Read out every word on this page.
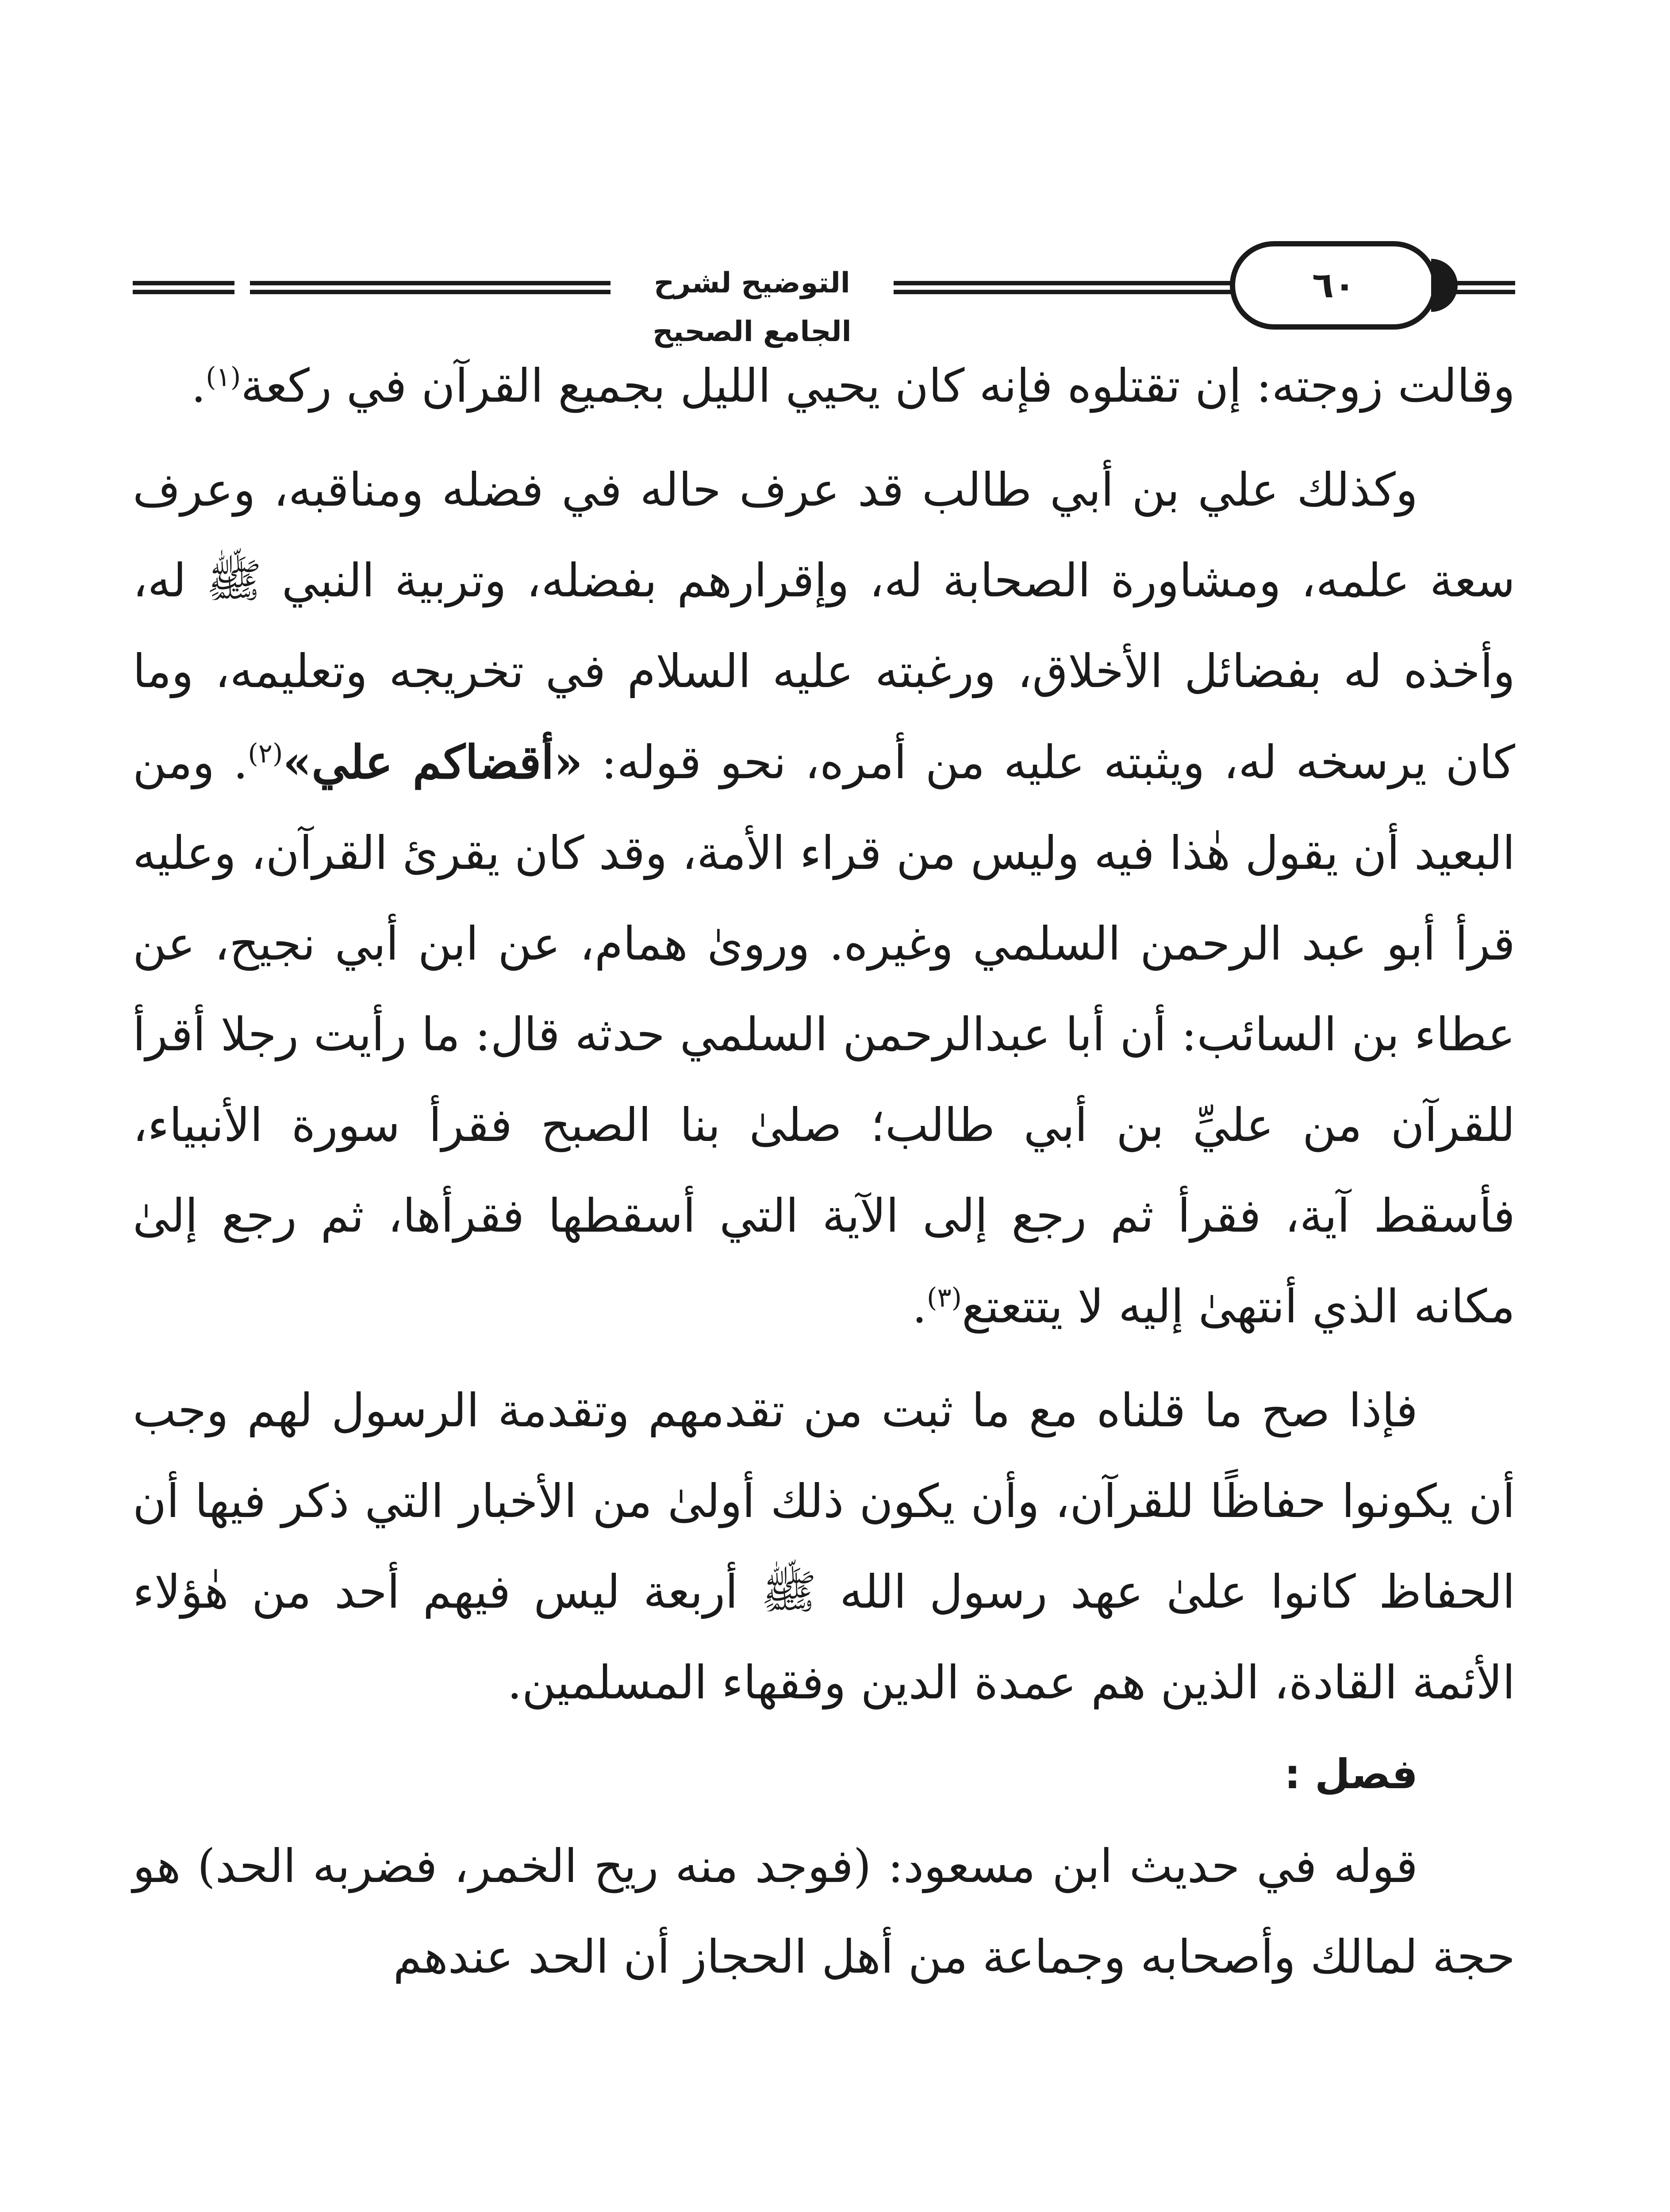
التوضيح لشرح الجامع الصحيح
٦٠

وقالت زوجته: إن تقتلوه فإنه كان يحيي الليل بجميع القرآن في ركعة$^{(١)}$.

وكذلك علي بن أبي طالب قد عرف حاله في فضله ومناقبه، وعرف سعة علمه، ومشاورة الصحابة له، وإقرارهم بفضله، وتربية النبي ﷺ له، وأخذه له بفضائل الأخلاق، ورغبته عليه السلام في تخريجه وتعليمه، وما كان يرسخه له، ويثبته عليه من أمره، نحو قوله: «أقضاكم علي»$^{(٢)}$. ومن البعيد أن يقول هٰذا فيه وليس من قراء الأمة، وقد كان يقرئ القرآن، وعليه قرأ أبو عبد الرحمن السلمي وغيره. وروىٰ همام، عن ابن أبي نجيح، عن عطاء بن السائب: أن أبا عبدالرحمن السلمي حدثه قال: ما رأيت رجلا أقرأ للقرآن من عليِّ بن أبي طالب؛ صلىٰ بنا الصبح فقرأ سورة الأنبياء، فأسقط آية، فقرأ ثم رجع إلى الآية التي أسقطها فقرأها، ثم رجع إلىٰ مكانه الذي أنتهىٰ إليه لا يتتعتع$^{(٣)}$.

فإذا صح ما قلناه مع ما ثبت من تقدمهم وتقدمة الرسول لهم وجب أن يكونوا حفاظًا للقرآن، وأن يكون ذلك أولىٰ من الأخبار التي ذكر فيها أن الحفاظ كانوا علىٰ عهد رسول الله ﷺ أربعة ليس فيهم أحد من هٰؤلاء الأئمة القادة، الذين هم عمدة الدين وفقهاء المسلمين.

فصل :

قوله في حديث ابن مسعود: (فوجد منه ريح الخمر، فضربه الحد) هو حجة لمالك وأصحابه وجماعة من أهل الحجاز أن الحد عندهم
